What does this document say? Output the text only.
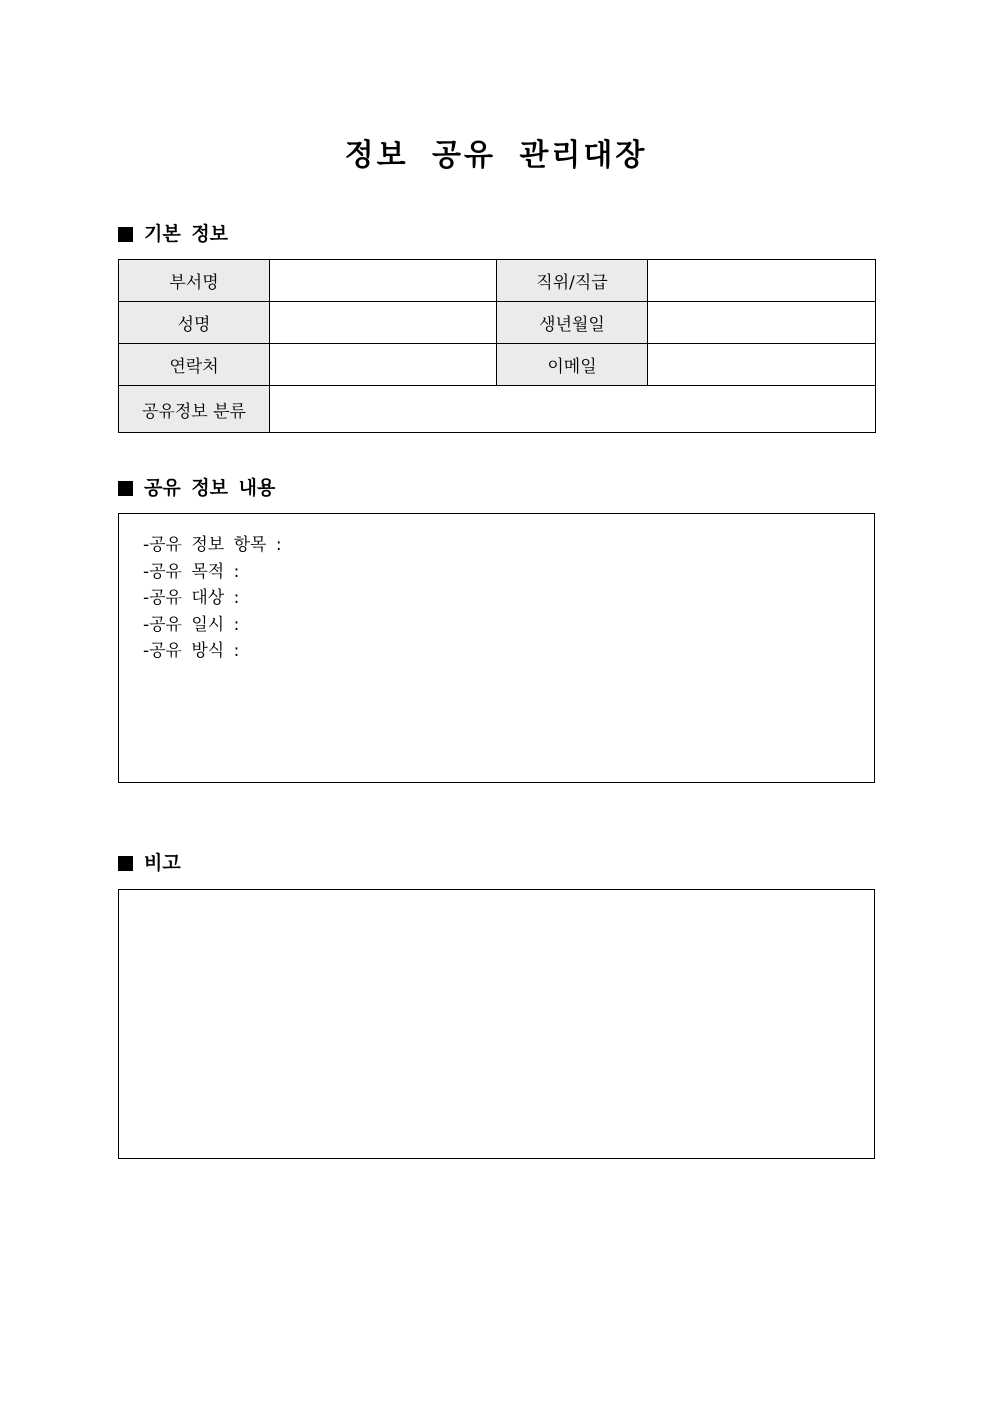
정보 공유 관리대장
기본 정보
부서명		직위/직급	
성명		생년월일	
연락처		이메일	
공유정보 분류			
공유 정보 내용
-공유 정보 항목 :
-공유 목적 :
-공유 대상 :
-공유 일시 :
-공유 방식 :
비고
